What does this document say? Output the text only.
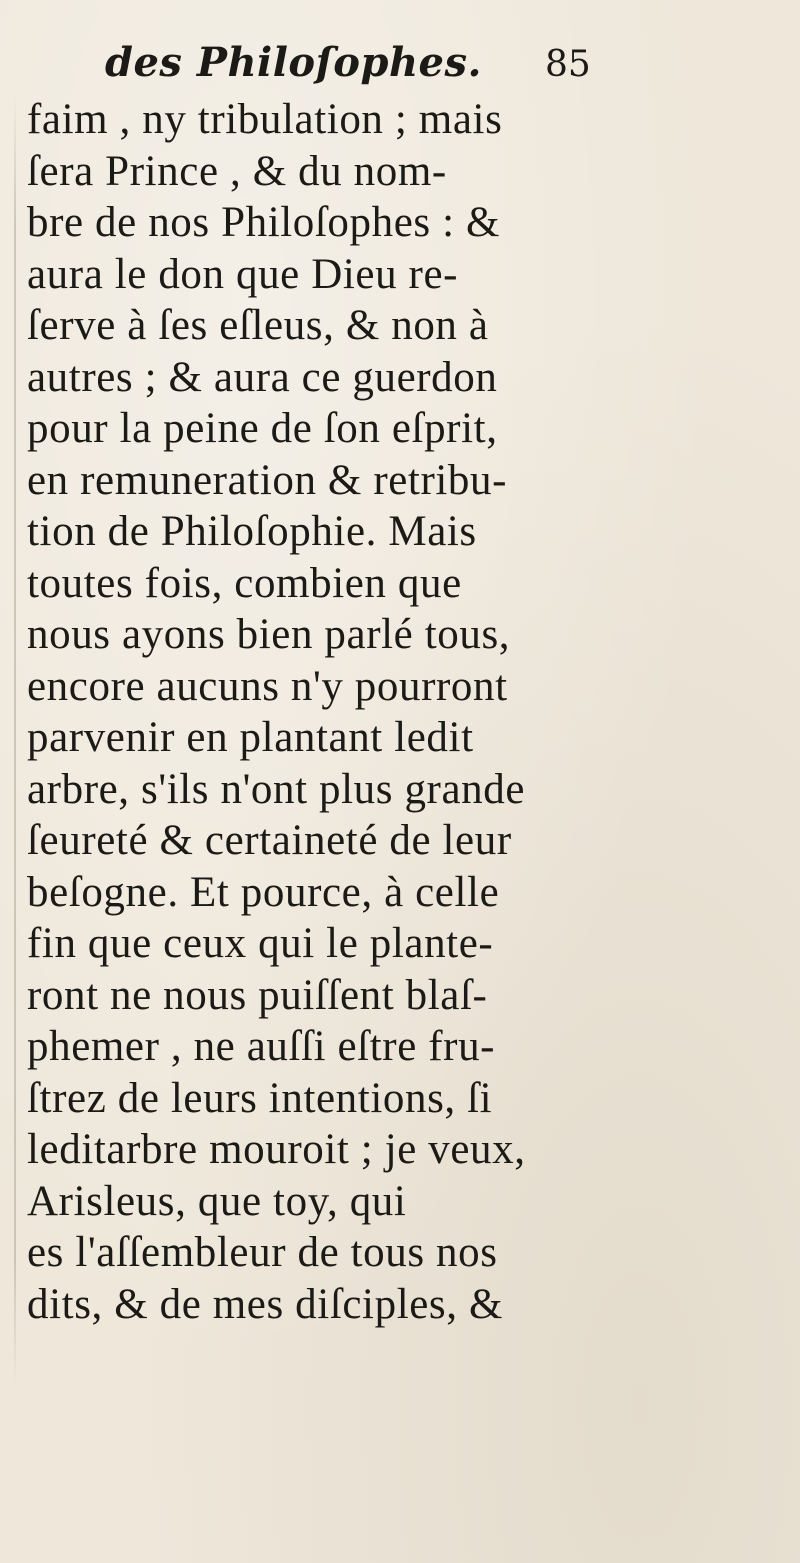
des Philoſophes. 85
faim , ny tribulation ; mais
ſera Prince , & du nom-
bre de nos Philoſophes : &
aura le don que Dieu re-
ſerve à ſes eſleus, & non à
autres ; & aura ce guerdon
pour la peine de ſon eſprit,
en remuneration & retribu-
tion de Philoſophie. Mais
toutes fois, combien que
nous ayons bien parlé tous,
encore aucuns n'y pourront
parvenir en plantant ledit
arbre, s'ils n'ont plus grande
ſeureté & certaineté de leur
beſogne. Et pource, à celle
fin que ceux qui le plante-
ront ne nous puiſſent blaſ-
phemer , ne auſſi eſtre fru-
ſtrez de leurs intentions, ſi
leditarbre mouroit ; je veux,
Arisleus, que toy, qui
es l'aſſembleur de tous nos
dits, & de mes diſciples, &
